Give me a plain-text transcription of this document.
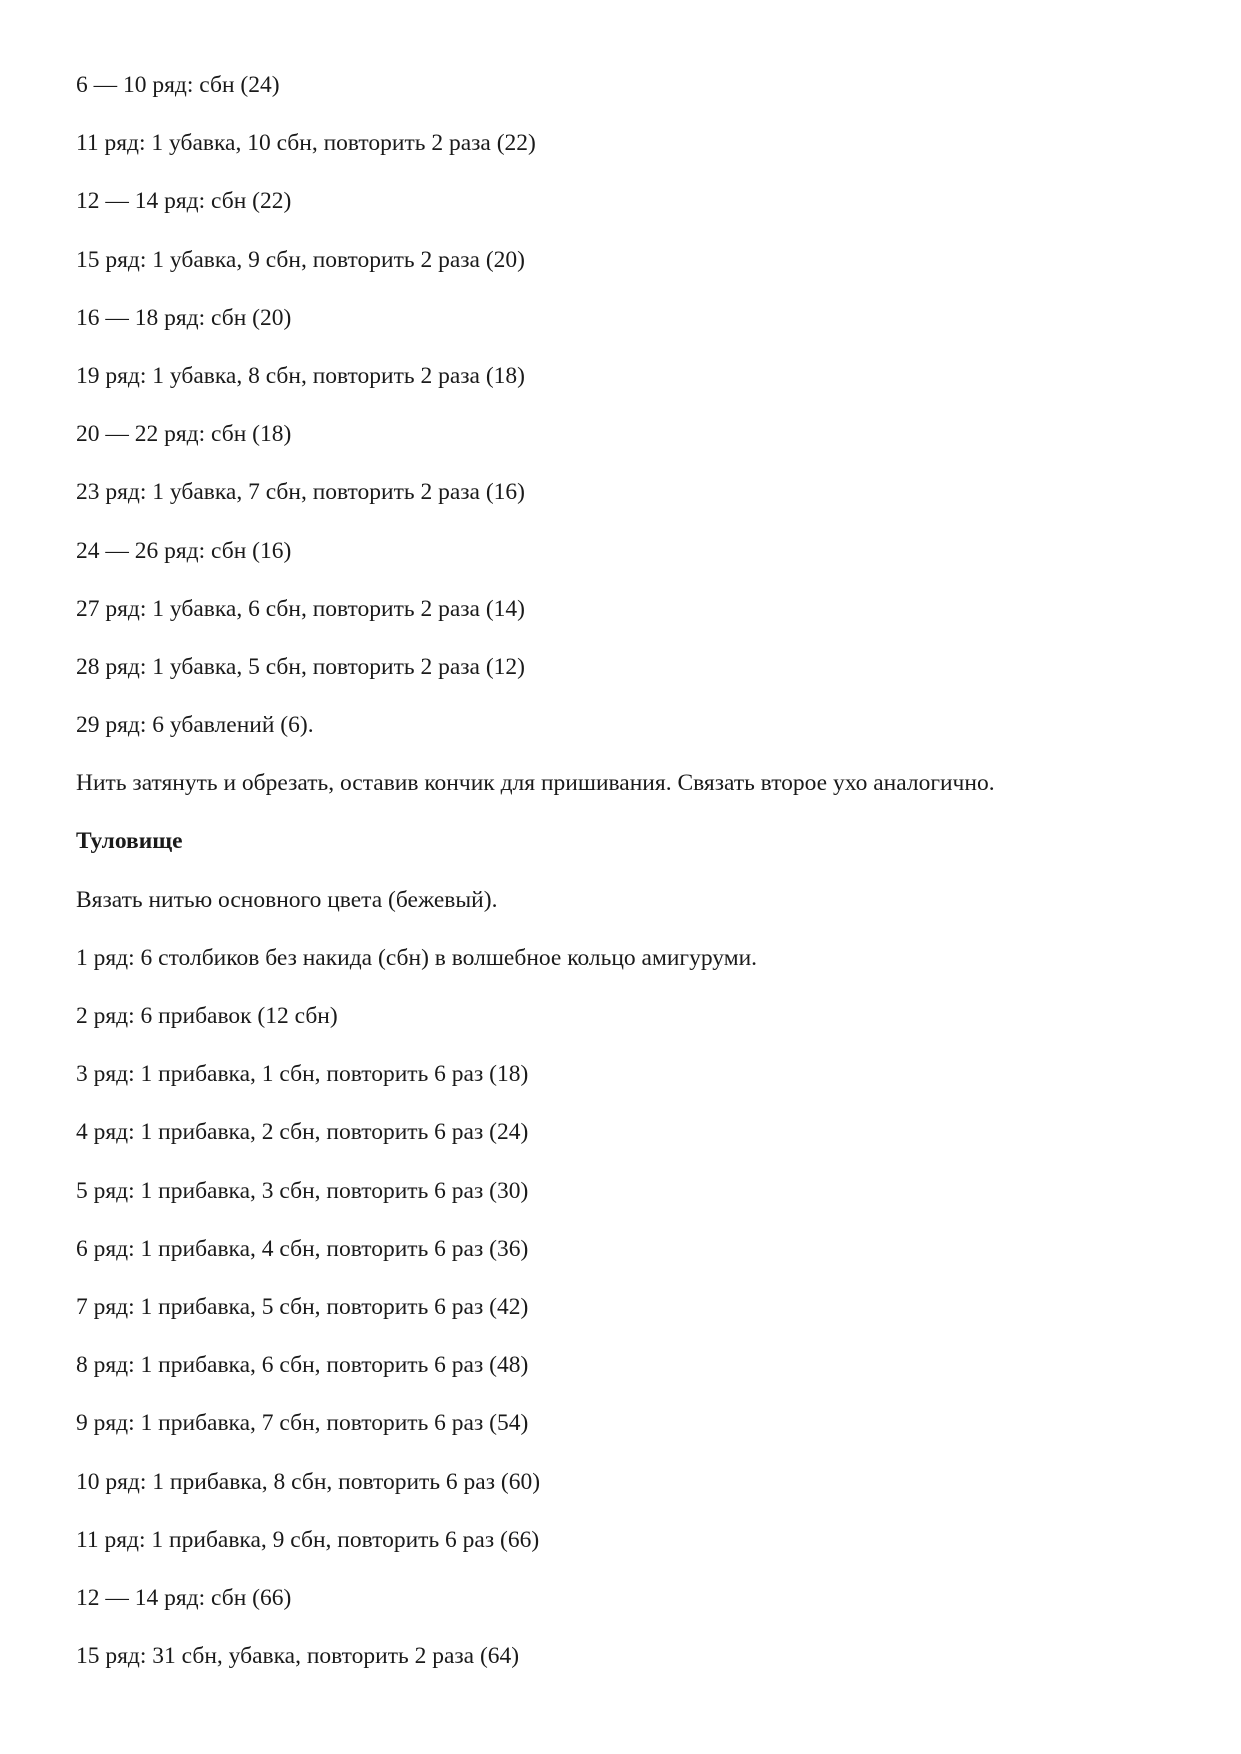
6 — 10 ряд: сбн (24)
11 ряд: 1 убавка, 10 сбн, повторить 2 раза (22)
12 — 14 ряд: сбн (22)
15 ряд: 1 убавка, 9 сбн, повторить 2 раза (20)
16 — 18 ряд: сбн (20)
19 ряд: 1 убавка, 8 сбн, повторить 2 раза (18)
20 — 22 ряд: сбн (18)
23 ряд: 1 убавка, 7 сбн, повторить 2 раза (16)
24 — 26 ряд: сбн (16)
27 ряд: 1 убавка, 6 сбн, повторить 2 раза (14)
28 ряд: 1 убавка, 5 сбн, повторить 2 раза (12)
29 ряд: 6 убавлений (6).
Нить затянуть и обрезать, оставив кончик для пришивания. Связать второе ухо аналогично.
Туловище
Вязать нитью основного цвета (бежевый).
1 ряд: 6 столбиков без накида (сбн) в волшебное кольцо амигуруми.
2 ряд: 6 прибавок (12 сбн)
3 ряд: 1 прибавка, 1 сбн, повторить 6 раз (18)
4 ряд: 1 прибавка, 2 сбн, повторить 6 раз (24)
5 ряд: 1 прибавка, 3 сбн, повторить 6 раз (30)
6 ряд: 1 прибавка, 4 сбн, повторить 6 раз (36)
7 ряд: 1 прибавка, 5 сбн, повторить 6 раз (42)
8 ряд: 1 прибавка, 6 сбн, повторить 6 раз (48)
9 ряд: 1 прибавка, 7 сбн, повторить 6 раз (54)
10 ряд: 1 прибавка, 8 сбн, повторить 6 раз (60)
11 ряд: 1 прибавка, 9 сбн, повторить 6 раз (66)
12 — 14 ряд: сбн (66)
15 ряд: 31 сбн, убавка, повторить 2 раза (64)
